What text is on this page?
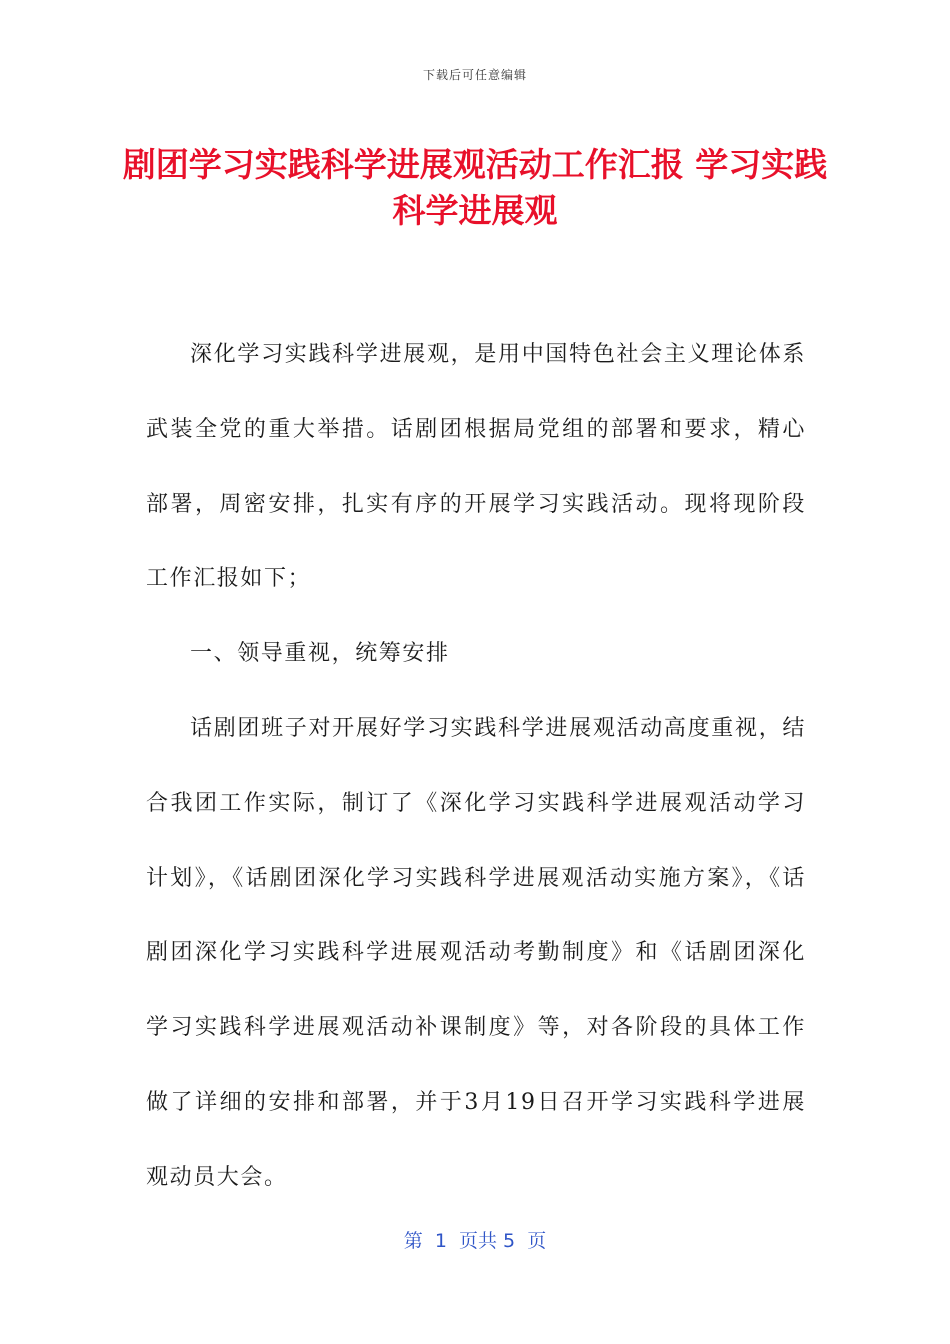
下载后可任意编辑
剧团学习实践科学进展观活动工作汇报 学习实践科学进展观

深化学习实践科学进展观，是用中国特色社会主义理论体系武装全党的重大举措。话剧团根据局党组的部署和要求，精心部署，周密安排，扎实有序的开展学习实践活动。现将现阶段工作汇报如下；

一、领导重视，统筹安排

话剧团班子对开展好学习实践科学进展观活动高度重视，结合我团工作实际，制订了《深化学习实践科学进展观活动学习计划》，《话剧团深化学习实践科学进展观活动实施方案》，《话剧团深化学习实践科学进展观活动考勤制度》和《话剧团深化学习实践科学进展观活动补课制度》等，对各阶段的具体工作做了详细的安排和部署，并于3月19日召开学习实践科学进展观动员大会。

第  1  页共 5  页
